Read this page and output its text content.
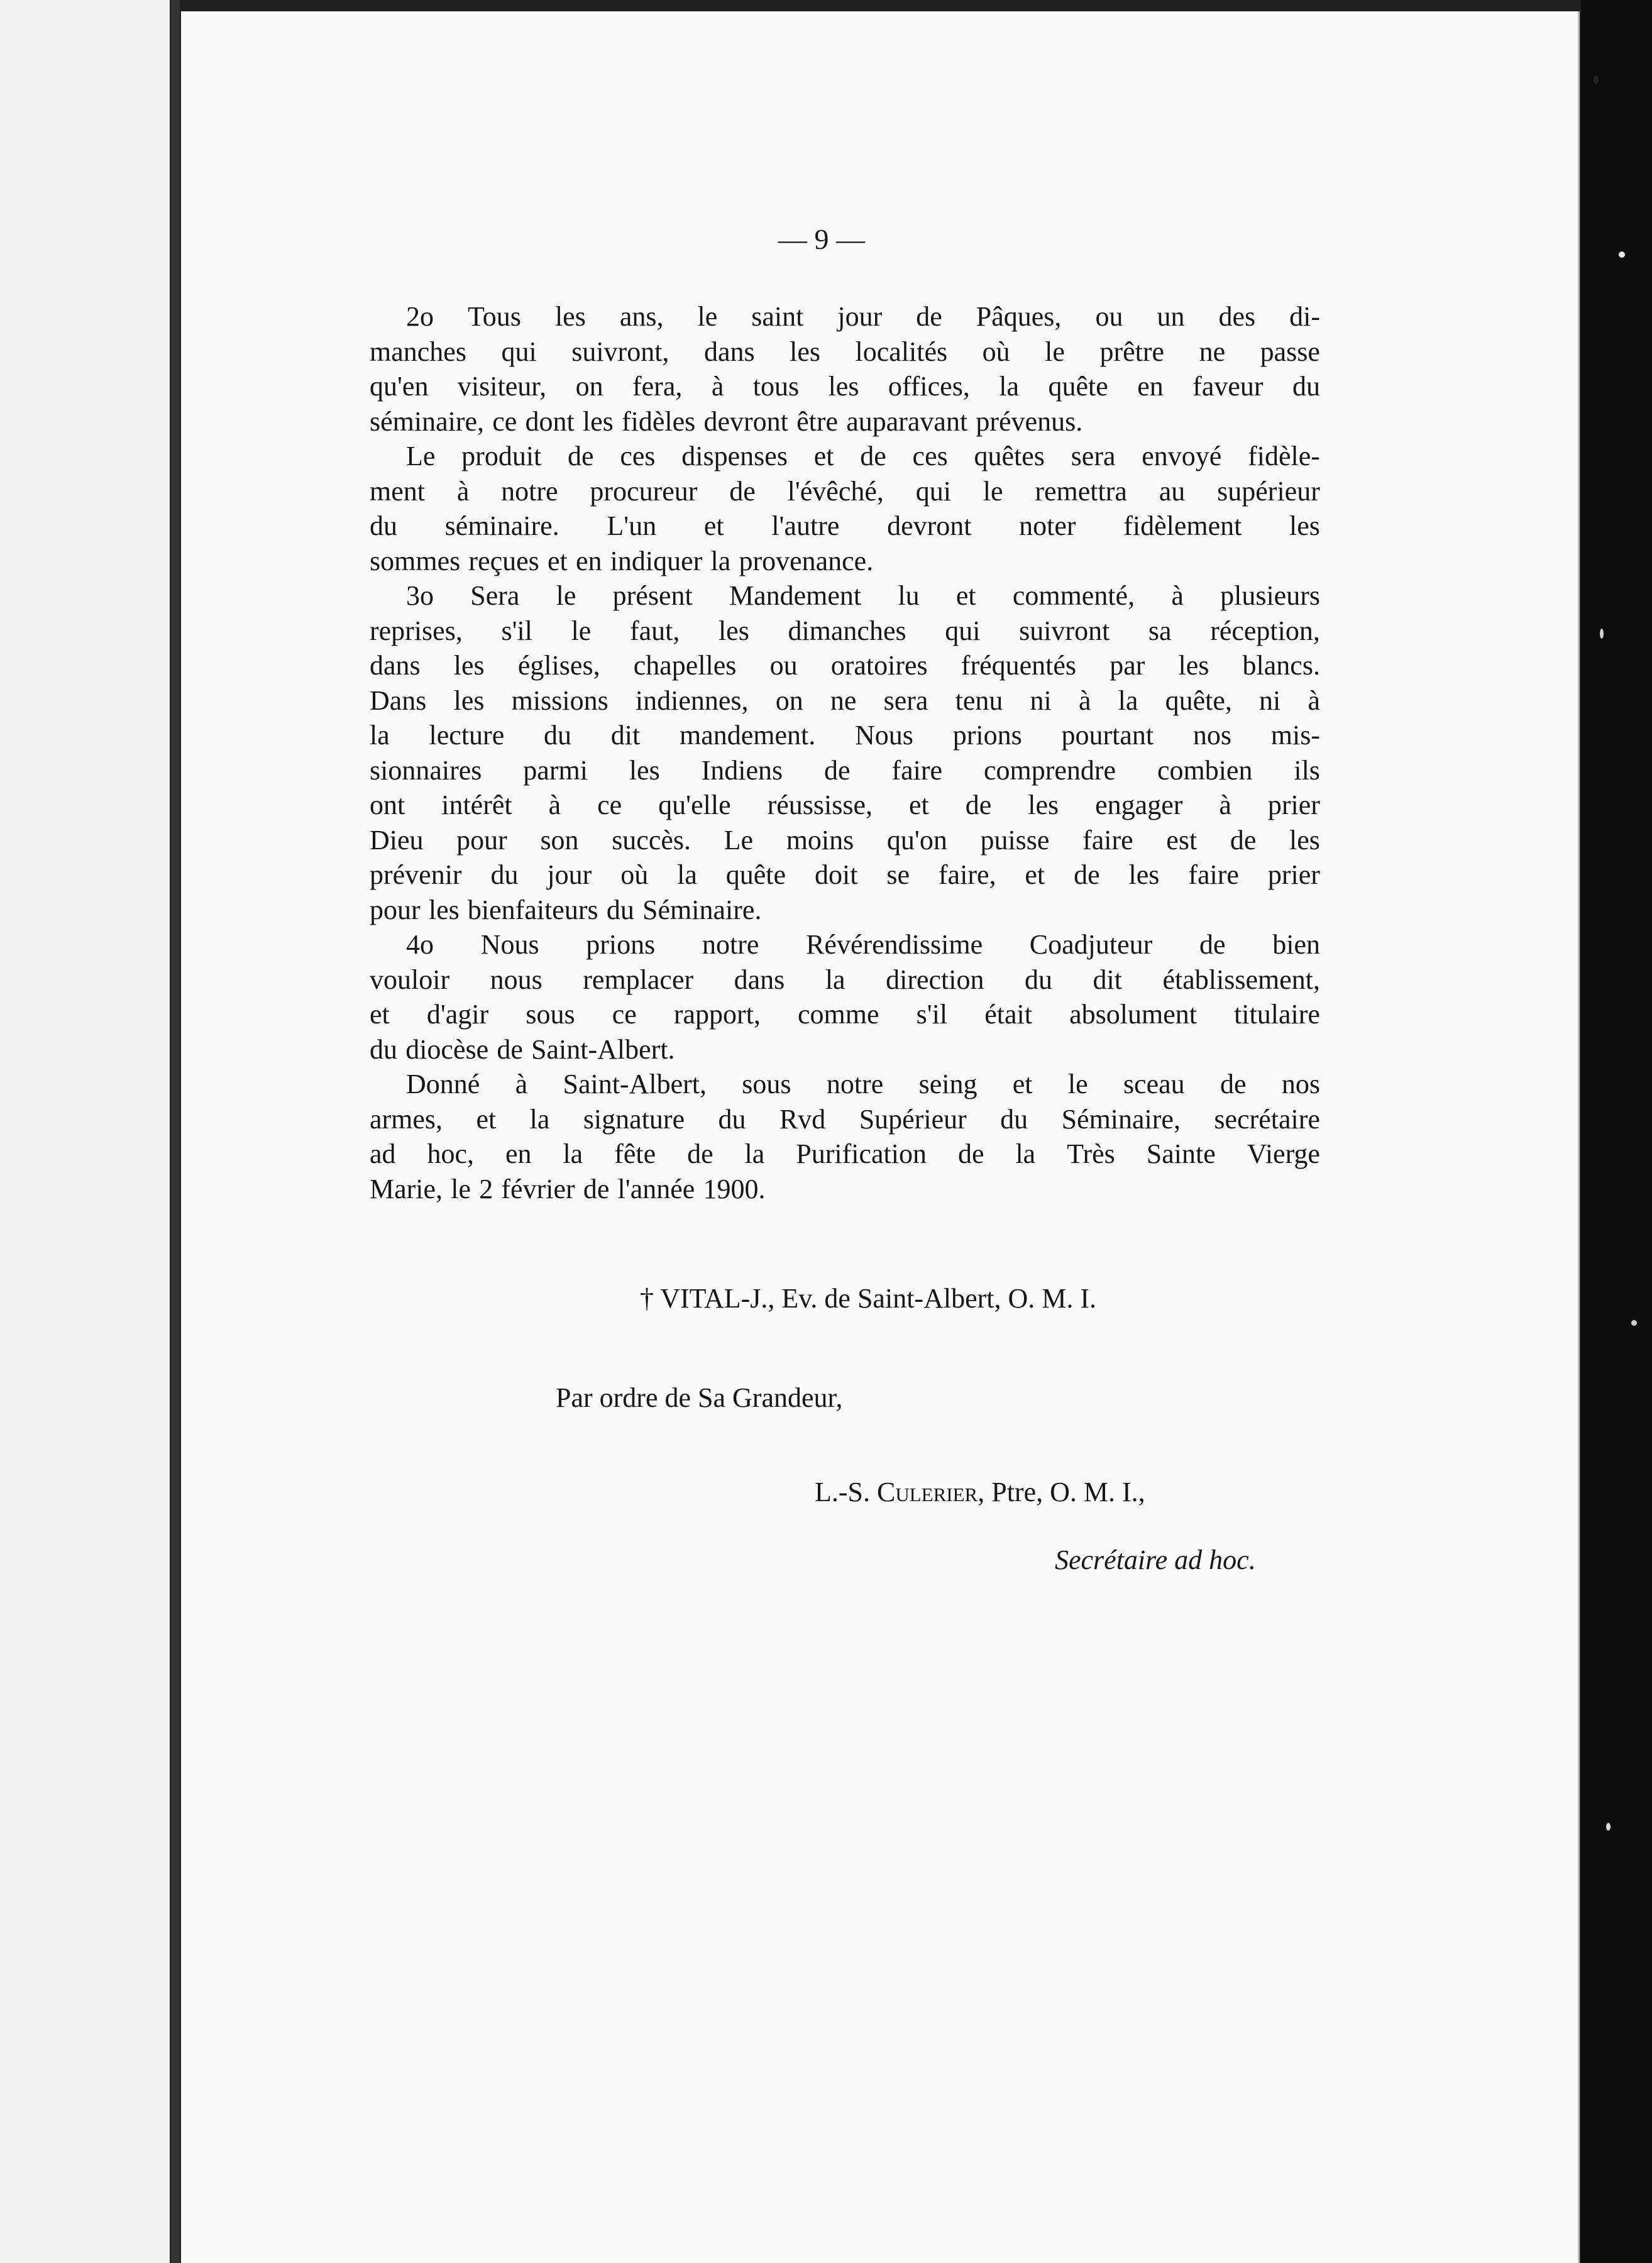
— 9 —
2o Tous les ans, le saint jour de Pâques, ou un des di-
manches qui suivront, dans les localités où le prêtre ne passe
qu'en visiteur, on fera, à tous les offices, la quête en faveur du
séminaire, ce dont les fidèles devront être auparavant prévenus.
Le produit de ces dispenses et de ces quêtes sera envoyé fidèle-
ment à notre procureur de l'évêché, qui le remettra au supérieur
du séminaire. L'un et l'autre devront noter fidèlement les
sommes reçues et en indiquer la provenance.
3o Sera le présent Mandement lu et commenté, à plusieurs
reprises, s'il le faut, les dimanches qui suivront sa réception,
dans les églises, chapelles ou oratoires fréquentés par les blancs.
Dans les missions indiennes, on ne sera tenu ni à la quête, ni à
la lecture du dit mandement. Nous prions pourtant nos mis-
sionnaires parmi les Indiens de faire comprendre combien ils
ont intérêt à ce qu'elle réussisse, et de les engager à prier
Dieu pour son succès. Le moins qu'on puisse faire est de les
prévenir du jour où la quête doit se faire, et de les faire prier
pour les bienfaiteurs du Séminaire.
4o Nous prions notre Révérendissime Coadjuteur de bien
vouloir nous remplacer dans la direction du dit établissement,
et d'agir sous ce rapport, comme s'il était absolument titulaire
du diocèse de Saint-Albert.
Donné à Saint-Albert, sous notre seing et le sceau de nos
armes, et la signature du Rvd Supérieur du Séminaire, secrétaire
ad hoc, en la fête de la Purification de la Très Sainte Vierge
Marie, le 2 février de l'année 1900.
† VITAL-J., Ev. de Saint-Albert, O. M. I.
Par ordre de Sa Grandeur,
L.-S. Culerier, Ptre, O. M. I.,
Secrétaire ad hoc.
